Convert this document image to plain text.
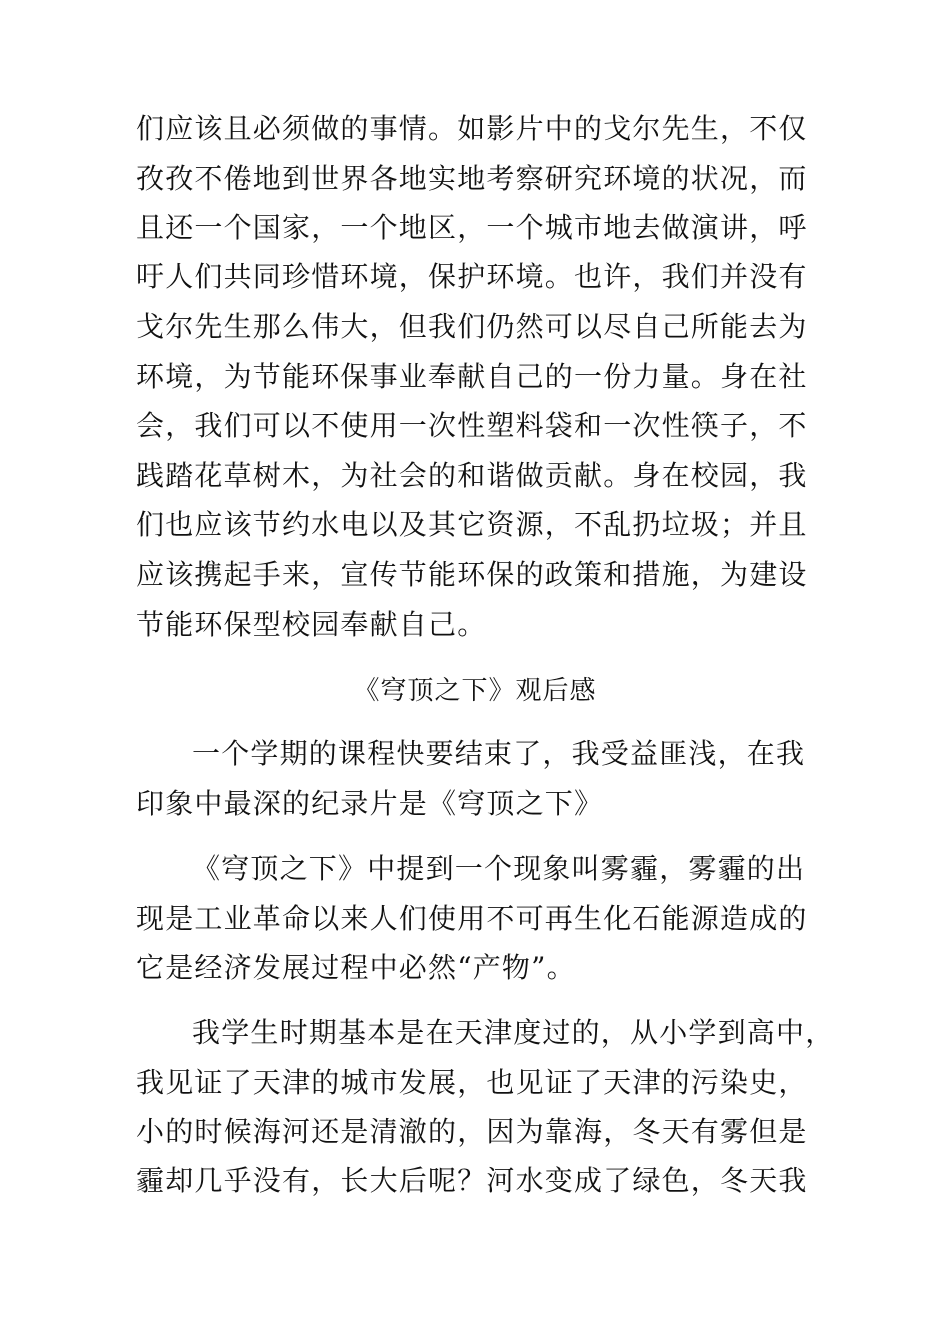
们应该且必须做的事情。如影片中的戈尔先生，不仅
孜孜不倦地到世界各地实地考察研究环境的状况，而
且还一个国家，一个地区，一个城市地去做演讲，呼
吁人们共同珍惜环境，保护环境。也许，我们并没有
戈尔先生那么伟大，但我们仍然可以尽自己所能去为
环境，为节能环保事业奉献自己的一份力量。身在社
会，我们可以不使用一次性塑料袋和一次性筷子，不
践踏花草树木，为社会的和谐做贡献。身在校园，我
们也应该节约水电以及其它资源，不乱扔垃圾；并且
应该携起手来，宣传节能环保的政策和措施，为建设
节能环保型校园奉献自己。
《穹顶之下》观后感
一个学期的课程快要结束了，我受益匪浅，在我
印象中最深的纪录片是《穹顶之下》
《穹顶之下》中提到一个现象叫雾霾，雾霾的出
现是工业革命以来人们使用不可再生化石能源造成的
它是经济发展过程中必然“产物”。
我学生时期基本是在天津度过的，从小学到高中，
我见证了天津的城市发展，也见证了天津的污染史，
小的时候海河还是清澈的，因为靠海，冬天有雾但是
霾却几乎没有，长大后呢？河水变成了绿色，冬天我
